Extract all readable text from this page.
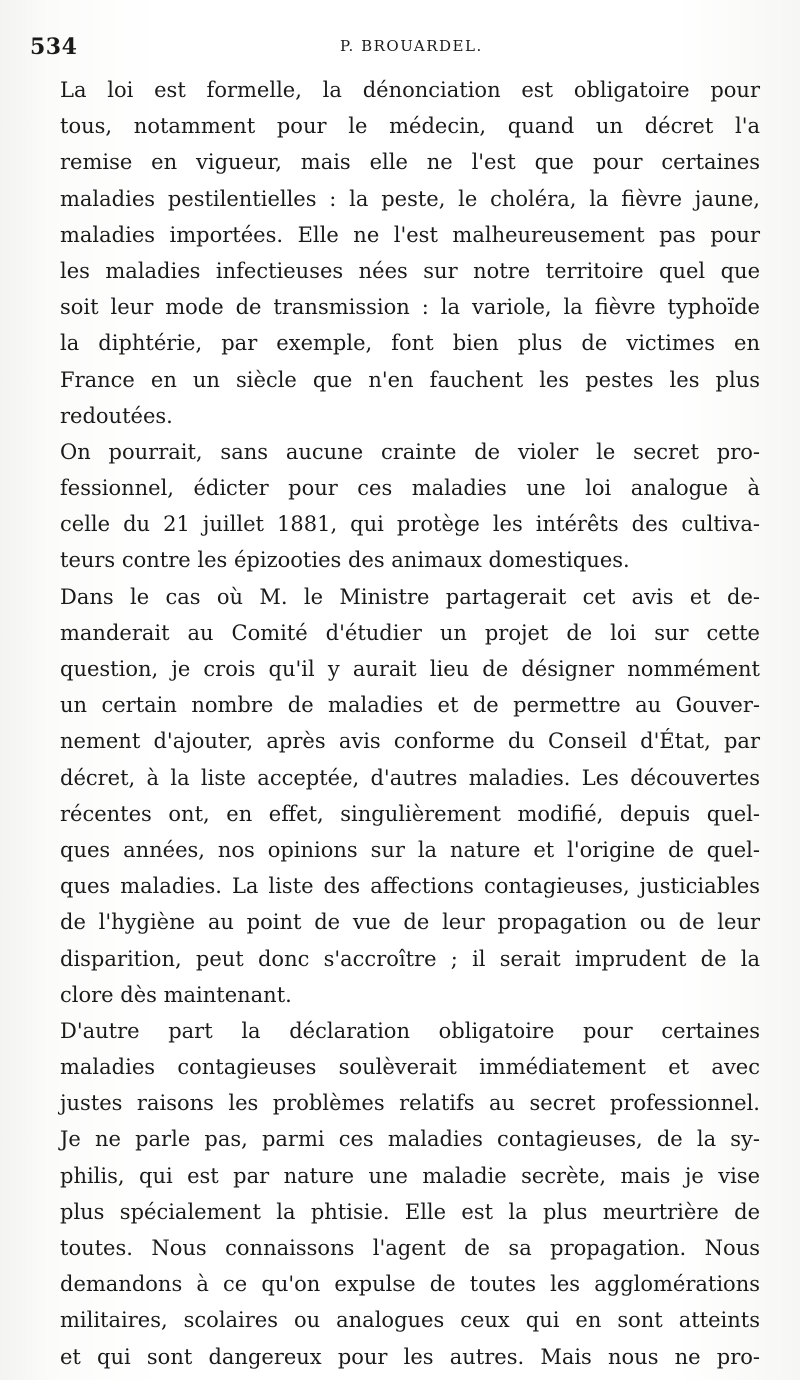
534	P. BROUARDEL.
La loi est formelle, la dénonciation est obligatoire pour
tous, notamment pour le médecin, quand un décret l'a
remise en vigueur, mais elle ne l'est que pour certaines
maladies pestilentielles : la peste, le choléra, la fièvre jaune,
maladies importées. Elle ne l'est malheureusement pas pour
les maladies infectieuses nées sur notre territoire quel que
soit leur mode de transmission : la variole, la fièvre typhoïde
la diphtérie, par exemple, font bien plus de victimes en
France en un siècle que n'en fauchent les pestes les plus
redoutées.
On pourrait, sans aucune crainte de violer le secret pro-
fessionnel, édicter pour ces maladies une loi analogue à
celle du 21 juillet 1881, qui protège les intérêts des cultiva-
teurs contre les épizooties des animaux domestiques.
Dans le cas où M. le Ministre partagerait cet avis et de-
manderait au Comité d'étudier un projet de loi sur cette
question, je crois qu'il y aurait lieu de désigner nommément
un certain nombre de maladies et de permettre au Gouver-
nement d'ajouter, après avis conforme du Conseil d'État, par
décret, à la liste acceptée, d'autres maladies. Les découvertes
récentes ont, en effet, singulièrement modifié, depuis quel-
ques années, nos opinions sur la nature et l'origine de quel-
ques maladies. La liste des affections contagieuses, justiciables
de l'hygiène au point de vue de leur propagation ou de leur
disparition, peut donc s'accroître ; il serait imprudent de la
clore dès maintenant.
D'autre part la déclaration obligatoire pour certaines
maladies contagieuses soulèverait immédiatement et avec
justes raisons les problèmes relatifs au secret professionnel.
Je ne parle pas, parmi ces maladies contagieuses, de la sy-
philis, qui est par nature une maladie secrète, mais je vise
plus spécialement la phtisie. Elle est la plus meurtrière de
toutes. Nous connaissons l'agent de sa propagation. Nous
demandons à ce qu'on expulse de toutes les agglomérations
militaires, scolaires ou analogues ceux qui en sont atteints
et qui sont dangereux pour les autres. Mais nous ne pro-
